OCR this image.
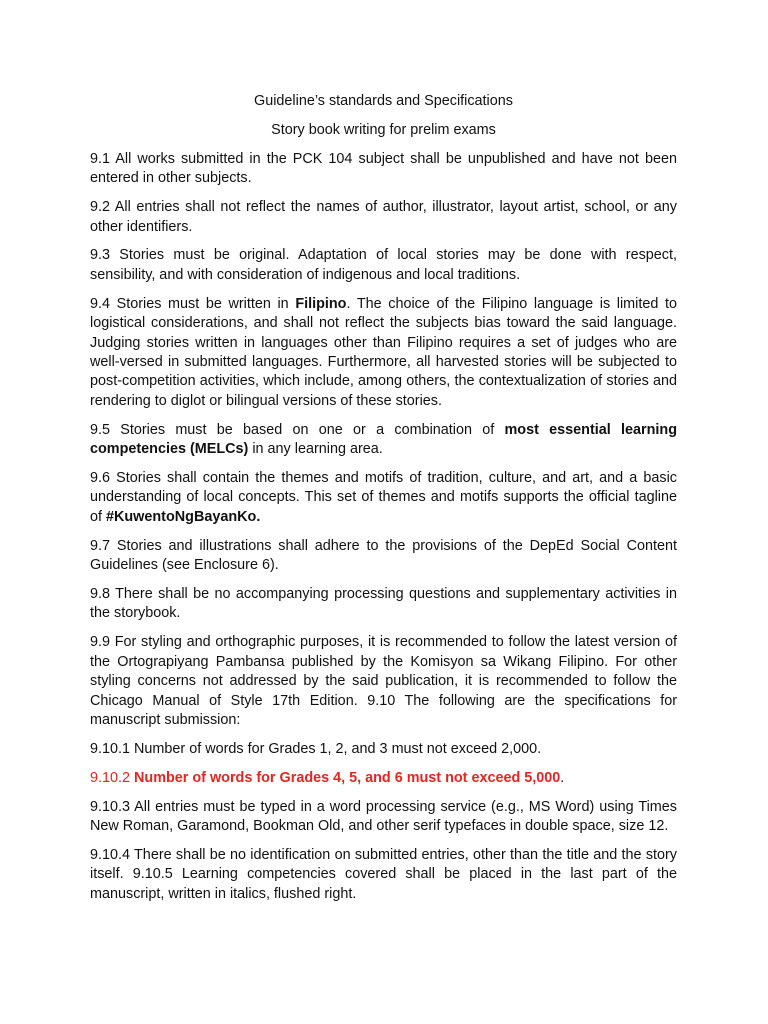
Guideline’s standards and Specifications

Story book writing for prelim exams

9.1 All works submitted in the PCK 104 subject shall be unpublished and have not been entered in other subjects.

9.2 All entries shall not reflect the names of author, illustrator, layout artist, school, or any other identifiers.

9.3 Stories must be original. Adaptation of local stories may be done with respect, sensibility, and with consideration of indigenous and local traditions.

9.4 Stories must be written in Filipino. The choice of the Filipino language is limited to logistical considerations, and shall not reflect the subjects bias toward the said language. Judging stories written in languages other than Filipino requires a set of judges who are well-versed in submitted languages. Furthermore, all harvested stories will be subjected to post-competition activities, which include, among others, the contextualization of stories and rendering to diglot or bilingual versions of these stories.

9.5 Stories must be based on one or a combination of most essential learning competencies (MELCs) in any learning area.

9.6 Stories shall contain the themes and motifs of tradition, culture, and art, and a basic understanding of local concepts. This set of themes and motifs supports the official tagline of #KuwentoNgBayanKo.

9.7 Stories and illustrations shall adhere to the provisions of the DepEd Social Content Guidelines (see Enclosure 6).

9.8 There shall be no accompanying processing questions and supplementary activities in the storybook.

9.9 For styling and orthographic purposes, it is recommended to follow the latest version of the Ortograpiyang Pambansa published by the Komisyon sa Wikang Filipino. For other styling concerns not addressed by the said publication, it is recommended to follow the Chicago Manual of Style 17th Edition. 9.10 The following are the specifications for manuscript submission:

9.10.1 Number of words for Grades 1, 2, and 3 must not exceed 2,000.

9.10.2 Number of words for Grades 4, 5, and 6 must not exceed 5,000.

9.10.3 All entries must be typed in a word processing service (e.g., MS Word) using Times New Roman, Garamond, Bookman Old, and other serif typefaces in double space, size 12.

9.10.4 There shall be no identification on submitted entries, other than the title and the story itself. 9.10.5 Learning competencies covered shall be placed in the last part of the manuscript, written in italics, flushed right.
